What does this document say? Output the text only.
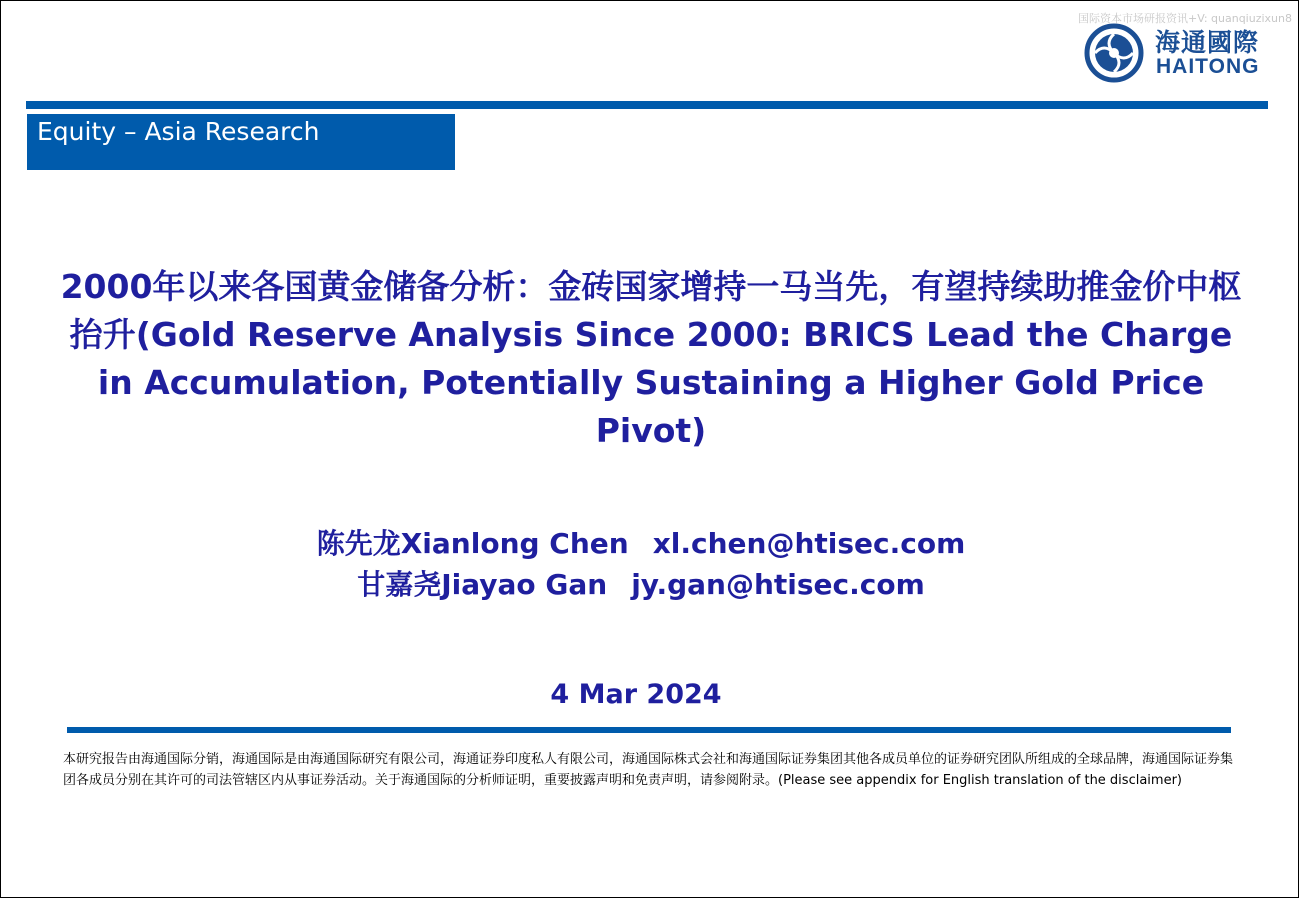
国际资本市场研报资讯+V: quanqiuzixun8
海通國際
HAITONG
Equity – Asia Research
2000年以来各国黄金储备分析：金砖国家增持一马当先，有望持续助推金价中枢抬升(Gold Reserve Analysis Since 2000: BRICS Lead the Charge in Accumulation, Potentially Sustaining a Higher Gold Price Pivot)
陈先龙Xianlong Chen xl.chen@htisec.com
甘嘉尧Jiayao Gan jy.gan@htisec.com
4 Mar 2024
本研究报告由海通国际分销，海通国际是由海通国际研究有限公司，海通证券印度私人有限公司，海通国际株式会社和海通国际证券集团其他各成员单位的证券研究团队所组成的全球品牌，海通国际证券集团各成员分别在其许可的司法管辖区内从事证券活动。关于海通国际的分析师证明，重要披露声明和免责声明，请参阅附录。(Please see appendix for English translation of the disclaimer)
